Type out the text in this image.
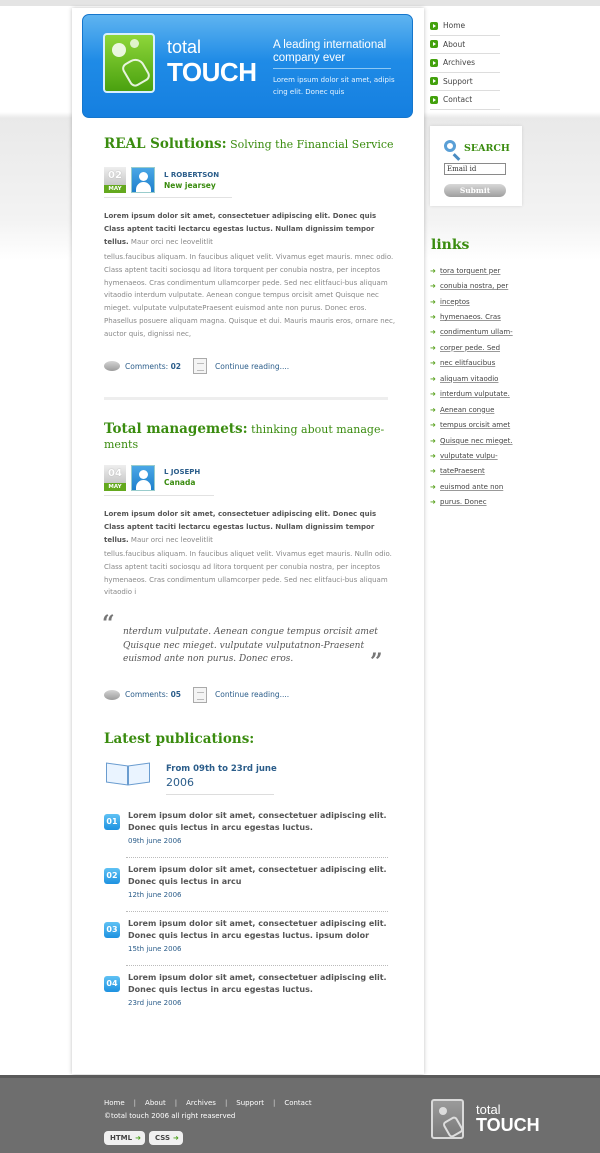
total
TOUCH
A leading international company ever
Lorem ipsum dolor sit amet, adipis cing elit. Donec quis
Home
About
Archives
Support
Contact
SEARCH
Email id
Submit
links
➜ tora torquent per
➜ conubia nostra, per
➜ inceptos
➜ hymenaeos. Cras
➜ condimentum ullam-
➜ corper pede. Sed
➜ nec elitfaucibus
➜ aliquam vitaodio
➜ interdum vulputate.
➜ Aenean congue
➜ tempus orcisit amet
➜ Quisque nec mieget.
➜ vulputate vulpu-
➜ tatePraesent
➜ euismod ante non
➜ purus. Donec
REAL Solutions: Solving the Financial Service
02
MAY
L ROBERTSON
New jearsey
Lorem ipsum dolor sit amet, consectetuer adipiscing elit. Donec quis Class aptent taciti lectarcu egestas luctus. Nullam dignissim tempor tellus. Maur orci nec leovelitlit
tellus.faucibus aliquam. In faucibus aliquet velit. Vivamus eget mauris. mnec odio. Class aptent taciti sociosqu ad litora torquent per conubia nostra, per inceptos hymenaeos. Cras condimentum ullamcorper pede. Sed nec elitfauci-bus aliquam vitaodio interdum vulputate. Aenean congue tempus orcisit amet Quisque nec mieget. vulputate vulputatePraesent euismod ante non purus. Donec eros. Phasellus posuere aliquam magna. Quisque et dui. Mauris mauris eros, ornare nec, auctor quis, dignissi nec,
Comments: 02	Continue reading....
Total managemets: thinking about manage-ments
04
MAY
L JOSEPH
Canada
Lorem ipsum dolor sit amet, consectetuer adipiscing elit. Donec quis Class aptent taciti lectarcu egestas luctus. Nullam dignissim tempor tellus. Maur orci nec leovelitlit
tellus.faucibus aliquam. In faucibus aliquet velit. Vivamus eget mauris. Nulln odio. Class aptent taciti sociosqu ad litora torquent per conubia nostra, per inceptos hymenaeos. Cras condimentum ullamcorper pede. Sed nec elitfauci-bus aliquam vitaodio i
“ nterdum vulputate. Aenean congue tempus orcisit amet Quisque nec mieget. vulputate vulputatnon-Praesent euismod ante non purus. Donec eros.	”
Comments: 05	Continue reading....
Latest publications:
From 09th to 23rd june
2006
01
Lorem ipsum dolor sit amet, consectetuer adipiscing elit. Donec quis lectus in arcu egestas luctus.
09th june 2006
02
Lorem ipsum dolor sit amet, consectetuer adipiscing elit. Donec quis lectus in arcu
12th june 2006
03
Lorem ipsum dolor sit amet, consectetuer adipiscing elit. Donec quis lectus in arcu egestas luctus. ipsum dolor
15th june 2006
04
Lorem ipsum dolor sit amet, consectetuer adipiscing elit. Donec quis lectus in arcu egestas luctus.
23rd june 2006
Home | About | Archives | Support | Contact
©total touch 2006 all right reaserved
HTML ➜	CSS ➜
total
TOUCH
